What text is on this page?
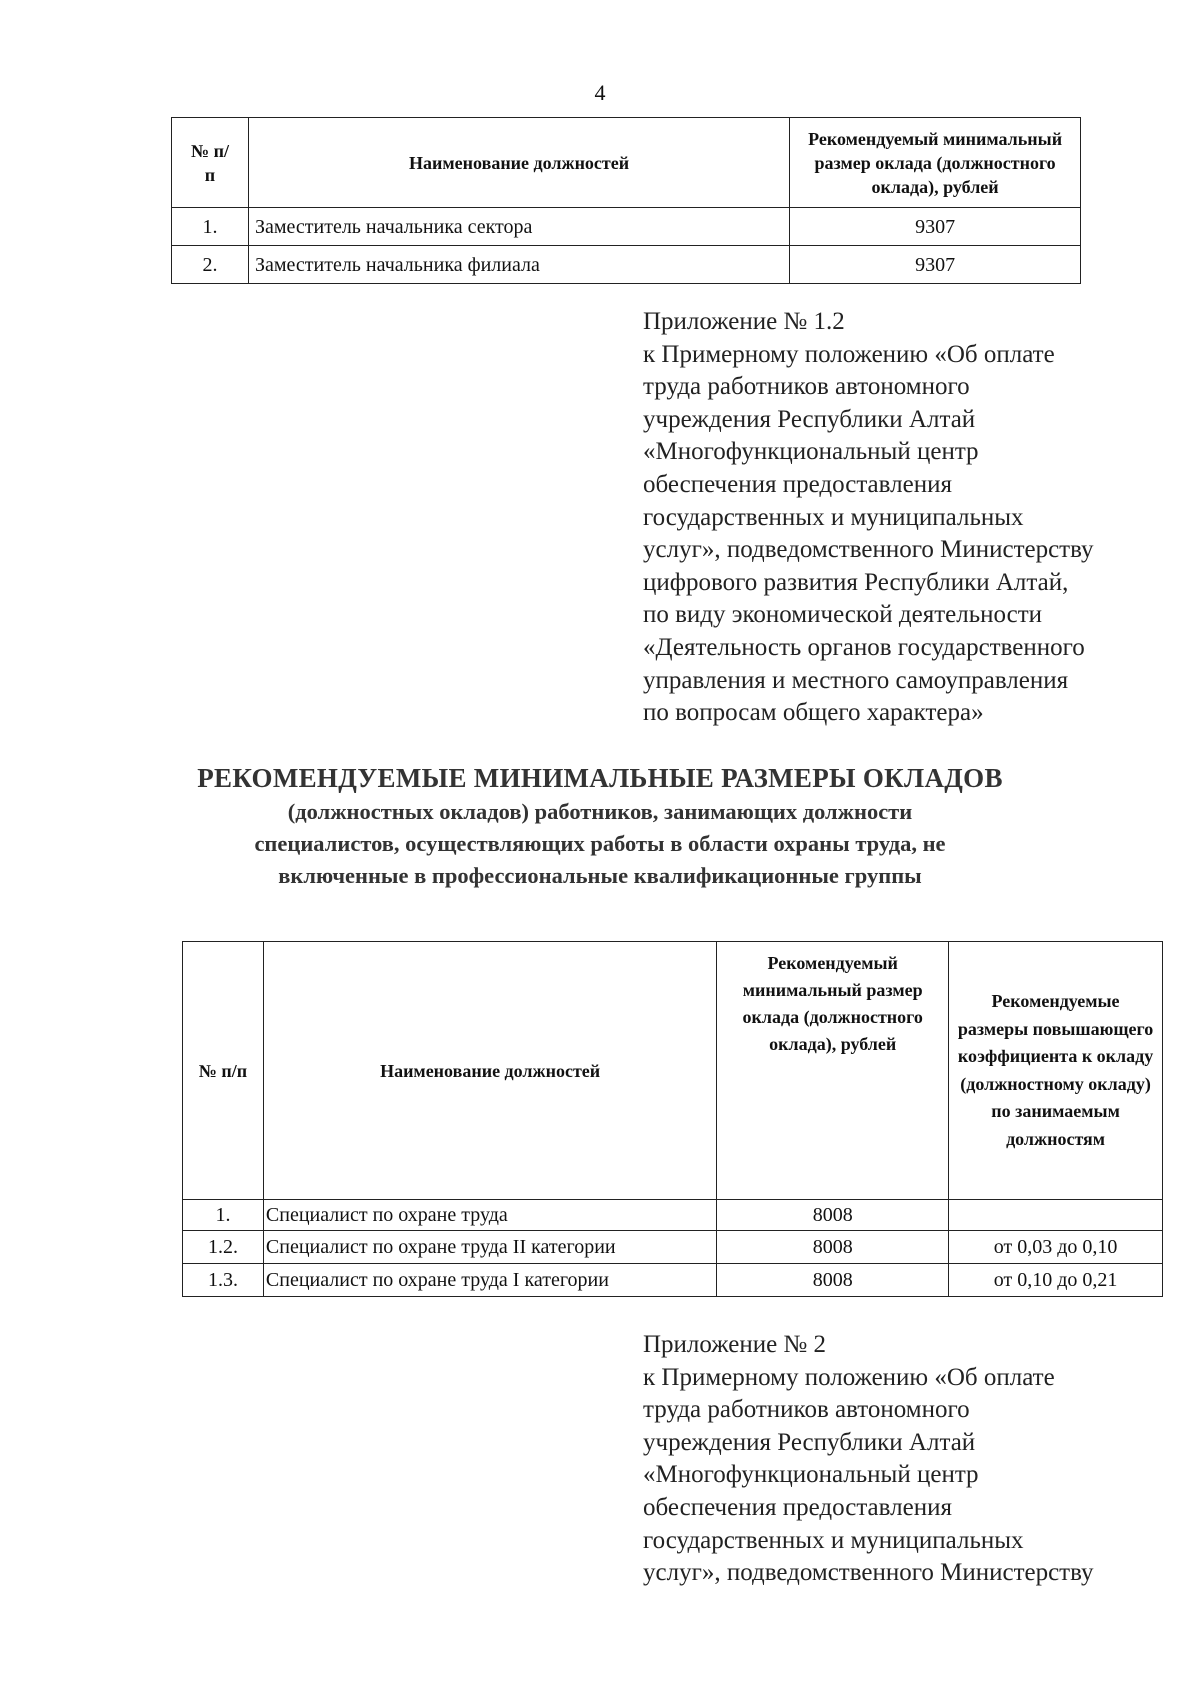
4
№ п/п	Наименование должностей	Рекомендуемый минимальный размер оклада (должностного оклада), рублей
1.	Заместитель начальника сектора	9307
2.	Заместитель начальника филиала	9307

Приложение № 1.2

к Примерному положению «Об оплате

труда работников автономного

учреждения Республики Алтай

«Многофункциональный центр

обеспечения предоставления

государственных и муниципальных

услуг», подведомственного Министерству

цифрового развития Республики Алтай,

по виду экономической деятельности

«Деятельность органов государственного

управления и местного самоуправления

по вопросам общего характера»

РЕКОМЕНДУЕМЫЕ МИНИМАЛЬНЫЕ РАЗМЕРЫ ОКЛАДОВ
(должностных окладов) работников, занимающих должности
специалистов, осуществляющих работы в области охраны труда, не
включенные в профессиональные квалификационные группы
№ п/п	Наименование должностей	Рекомендуемый минимальный размер оклада (должностного оклада), рублей	Рекомендуемые размеры повышающего коэффициента к окладу (должностному окладу) по занимаемым должностям
1.	Специалист по охране труда	8008	
1.2.	Специалист по охране труда II категории	8008	от 0,03 до 0,10
1.3.	Специалист по охране труда I категории	8008	от 0,10 до 0,21

Приложение № 2

к Примерному положению «Об оплате

труда работников автономного

учреждения Республики Алтай

«Многофункциональный центр

обеспечения предоставления

государственных и муниципальных

услуг», подведомственного Министерству
